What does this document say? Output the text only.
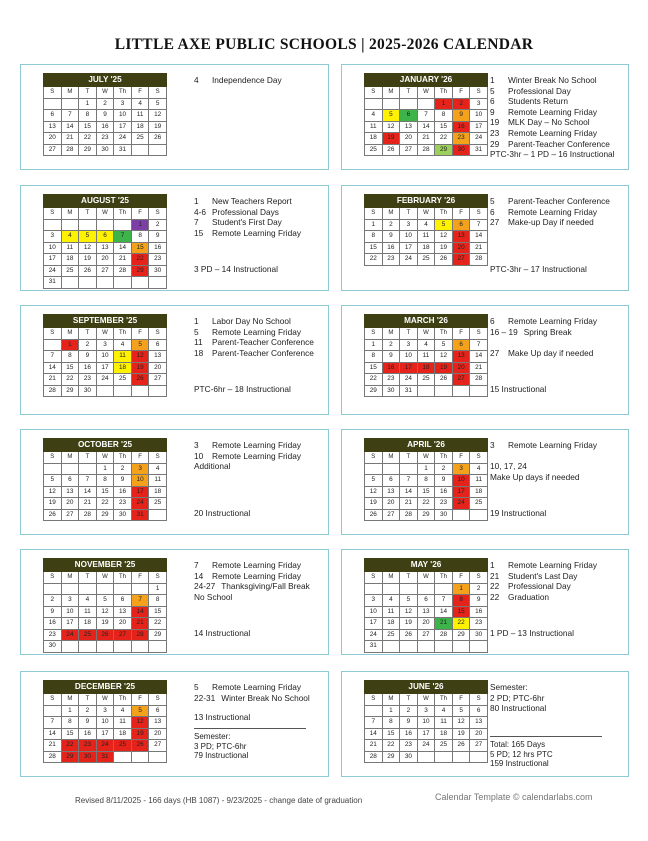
LITTLE AXE PUBLIC SCHOOLS | 2025-2026 CALENDAR
JULY '25						
S	M	T	W	Th	F	S
		1	2	3	4	5
6	7	8	9	10	11	12
13	14	15	16	17	18	19
20	21	22	23	24	25	26
27	28	29	30	31		
4	Independence Day	JANUARY '26						
S	M	T	W	Th	F	S
				1	2	3
4	5	6	7	8	9	10
11	12	13	14	15	16	17
18	19	20	21	22	23	24
25	26	27	28	29	30	31
1	Winter Break No School
5	Professional Day
6	Students Return
9	Remote Learning Friday
19	MLK Day – No School
23	Remote Learning Friday
29	Parent-Teacher Conference
PTC-3hr – 1 PD – 16 Instructional
AUGUST '25						
S	M	T	W	Th	F	S
					1	2
3	4	5	6	7	8	9
10	11	12	13	14	15	16
17	18	19	20	21	22	23
24	25	26	27	28	29	30
31						
1	New Teachers Report
4-6 Professional Days
7	Student's First Day
15	Remote Learning Friday
3 PD – 14 Instructional
FEBRUARY '26						
S	M	T	W	Th	F	S
1	2	3	4	5	6	7
8	9	10	11	12	13	14
15	16	17	18	19	20	21
22	23	24	25	26	27	28
5	Parent-Teacher Conference
6	Remote Learning Friday
27	Make-up Day if needed
PTC-3hr – 17 Instructional
SEPTEMBER '25						
S	M	T	W	Th	F	S
	1	2	3	4	5	6
7	8	9	10	11	12	13
14	15	16	17	18	19	20
21	22	23	24	25	26	27
28	29	30				
1	Labor Day No School
5	Remote Learning Friday
11	Parent-Teacher Conference
18	Parent-Teacher Conference
PTC-6hr – 18 Instructional
MARCH '26						
S	M	T	W	Th	F	S
1	2	3	4	5	6	7
8	9	10	11	12	13	14
15	16	17	18	19	20	21
22	23	24	25	26	27	28
29	30	31				
6	Remote Learning Friday
16 – 19 Spring Break
27	Make Up day if needed
15 Instructional
OCTOBER '25						
S	M	T	W	Th	F	S
			1	2	3	4
5	6	7	8	9	10	11
12	13	14	15	16	17	18
19	20	21	22	23	24	25
26	27	28	29	30	31	
3	Remote Learning Friday
10	Remote Learning Friday
Additional
20 Instructional
APRIL '26						
S	M	T	W	Th	F	S
			1	2	3	4
5	6	7	8	9	10	11
12	13	14	15	16	17	18
19	20	21	22	23	24	25
26	27	28	29	30		
3	Remote Learning Friday
10, 17, 24
Make Up days if needed
19 Instructional
NOVEMBER '25						
S	M	T	W	Th	F	S
						1
2	3	4	5	6	7	8
9	10	11	12	13	14	15
16	17	18	19	20	21	22
23	24	25	26	27	28	29
30						
7	Remote Learning Friday
14	Remote Learning Friday
24-27 Thanksgiving/Fall Break
No School
14 Instructional
MAY '26						
S	M	T	W	Th	F	S
					1	2
3	4	5	6	7	8	9
10	11	12	13	14	15	16
17	18	19	20	21	22	23
24	25	26	27	28	29	30
31						
1	Remote Learning Friday
21	Student's Last Day
22	Professional Day
22	Graduation
1 PD – 13 Instructional
DECEMBER '25						
S	M	T	W	Th	F	S
	1	2	3	4	5	6
7	8	9	10	11	12	13
14	15	16	17	18	19	20
21	22	23	24	25	26	27
28	29	30	31			
5	Remote Learning Friday
22-31 Winter Break No School
13 Instructional
Semester:
3 PD; PTC-6hr
79 Instructional
JUNE '26						
S	M	T	W	Th	F	S
	1	2	3	4	5	6
7	8	9	10	11	12	13
14	15	16	17	18	19	20
21	22	23	24	25	26	27
28	29	30				
Semester:
2 PD; PTC-6hr
80 Instructional
Total: 165 Days
5 PD; 12 hrs PTC
159 Instructional
Revised 8/11/2025 - 166 days (HB 1087) - 9/23/2025 - change date of graduation	Calendar Template © calendarlabs.com
